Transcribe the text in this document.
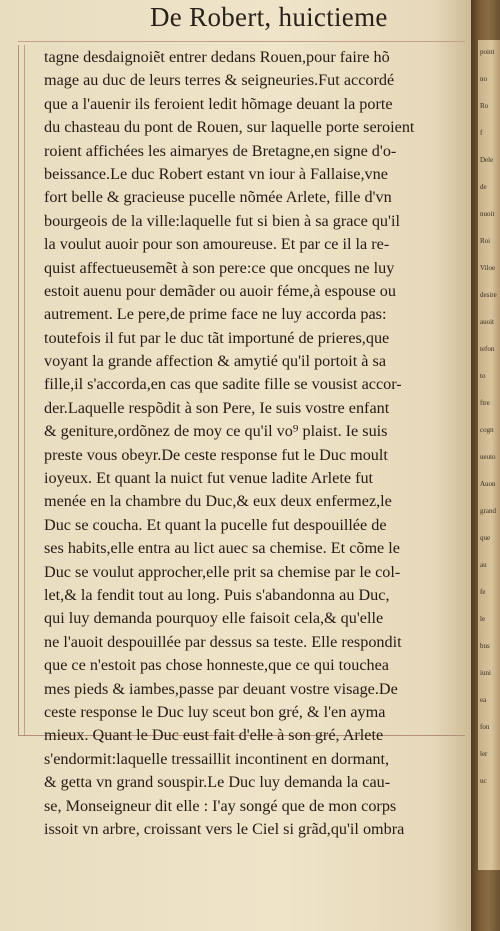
De Robert, huictieme
tagne desdaignoiẽt entrer dedans Rouen,pour faire hõ
mage au duc de leurs terres & seigneuries.Fut accordé
que a l'auenir ils feroient ledit hõmage deuant la porte
du chasteau du pont de Rouen, sur laquelle porte seroient
roient affichées les aimaryes de Bretagne,en signe d'o-
beissance.Le duc Robert estant vn iour à Fallaise,vne
fort belle & gracieuse pucelle nõmée Arlete, fille d'vn
bourgeois de la ville:laquelle fut si bien à sa grace qu'il
la voulut auoir pour son amoureuse. Et par ce il la re-
quist affectueusemẽt à son pere:ce que oncques ne luy
estoit auenu pour demãder ou auoir féme,à espouse ou
autrement. Le pere,de prime face ne luy accorda pas:
toutefois il fut par le duc tãt importuné de prieres,que
voyant la grande affection & amytié qu'il portoit à sa
fille,il s'accorda,en cas que sadite fille se vousist accor-
der.Laquelle respõdit à son Pere, Ie suis vostre enfant
& geniture,ordõnez de moy ce qu'il vo⁹ plaist. Ie suis
preste vous obeyr.De ceste response fut le Duc moult
ioyeux. Et quant la nuict fut venue ladite Arlete fut
menée en la chambre du Duc,& eux deux enfermez,le
Duc se coucha. Et quant la pucelle fut despouillée de
ses habits,elle entra au lict auec sa chemise. Et cõme le
Duc se voulut approcher,elle prit sa chemise par le col-
let,& la fendit tout au long. Puis s'abandonna au Duc,
qui luy demanda pourquoy elle faisoit cela,& qu'elle
ne l'auoit despouillée par dessus sa teste. Elle respondit
que ce n'estoit pas chose honneste,que ce qui touchea
mes pieds & iambes,passe par deuant vostre visage.De
ceste response le Duc luy sceut bon gré, & l'en ayma
mieux. Quant le Duc eust fait d'elle à son gré, Arlete
s'endormit:laquelle tressaillit incontinent en dormant,
& getta vn grand souspir.Le Duc luy demanda la cau-
se, Monseigneur dit elle : I'ay songé que de mon corps
issoit vn arbre, croissant vers le Ciel si grãd,qu'il ombra
point
no
Ro
f
Dele
de
nuoit
Roi
Viloe
desire
auoit
tefon
to
ftre
cogn
ueuto
Auon
grand
que
au
fe
le
bus
iuni
ea
fon
ler
uc
